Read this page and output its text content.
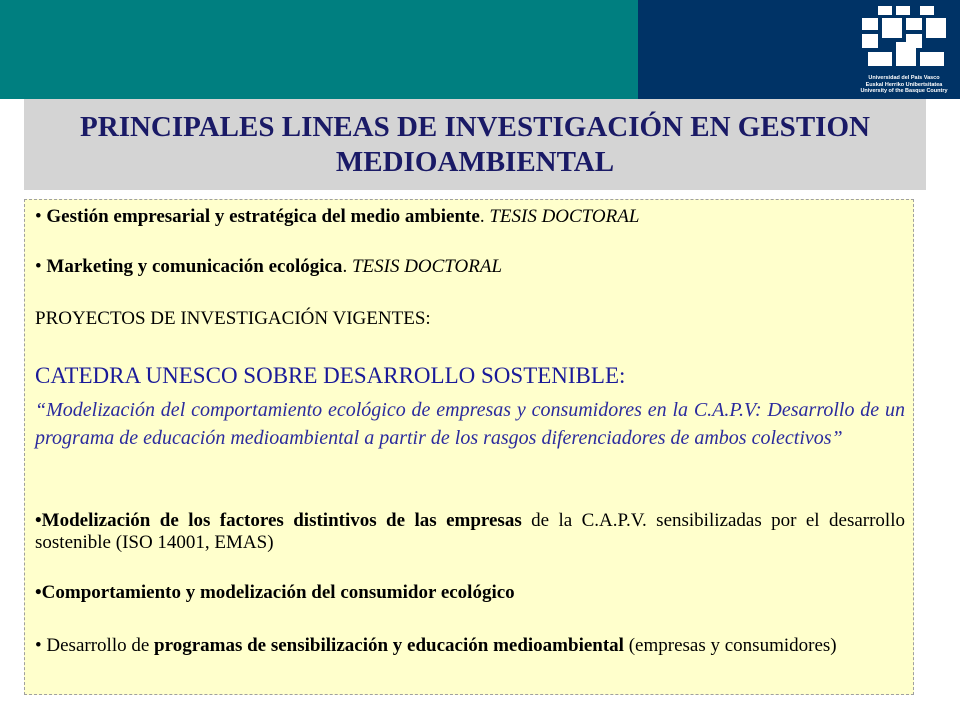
Universidad del País Vasco
Euskal Herriko Unibertsitatea
University of the Basque Country
PRINCIPALES LINEAS DE INVESTIGACIÓN EN GESTION
MEDIOAMBIENTAL

• Gestión empresarial y estratégica del medio ambiente. TESIS DOCTORAL

• Marketing y comunicación ecológica. TESIS DOCTORAL

PROYECTOS DE INVESTIGACIÓN VIGENTES:

CATEDRA UNESCO SOBRE DESARROLLO SOSTENIBLE:

“Modelización del comportamiento ecológico de empresas y consumidores en la C.A.P.V: Desarrollo de un programa de educación medioambiental a partir de los rasgos diferenciadores de ambos colectivos”

•Modelización de los factores distintivos de las empresas de la C.A.P.V. sensibilizadas por el desarrollo sostenible (ISO 14001, EMAS)

•Comportamiento y modelización del consumidor ecológico

• Desarrollo de programas de sensibilización y educación medioambiental (empresas y consumidores)
